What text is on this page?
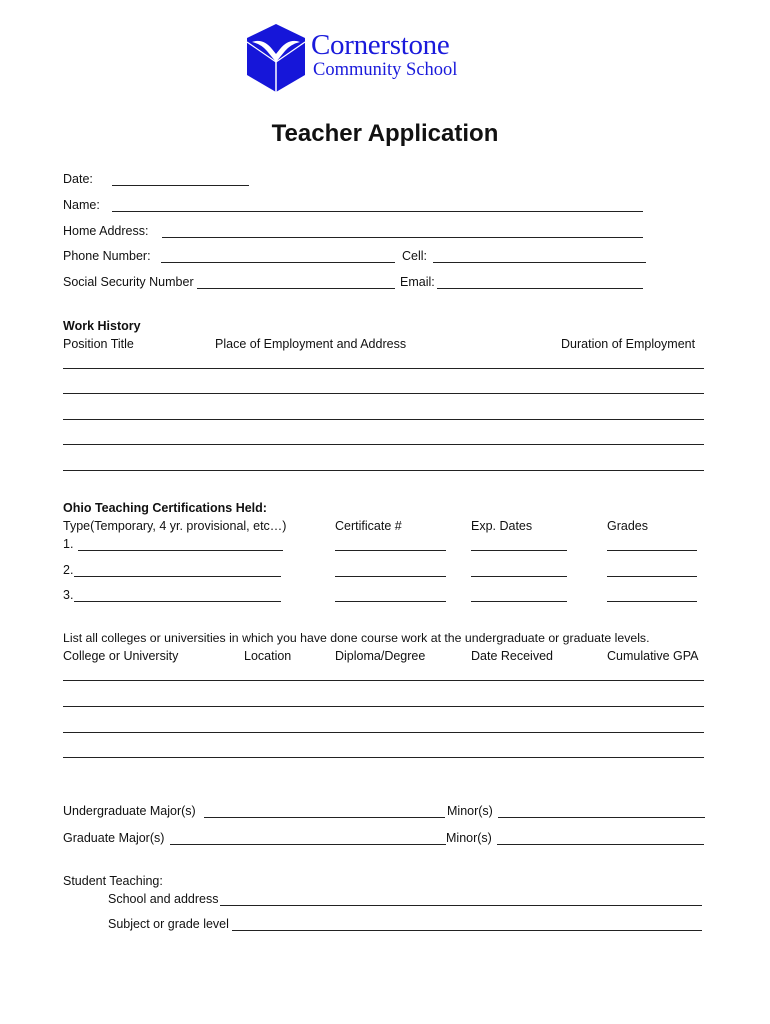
Cornerstone
Community School
Teacher Application
Date:
Name:
Home Address:
Phone Number:	Cell:
Social Security Number	Email:
Work History
Position Title	Place of Employment and Address	Duration of Employment
Ohio Teaching Certifications Held:
Type(Temporary, 4 yr. provisional, etc…)	Certificate #	Exp. Dates	Grades
1.
2.
3.
List all colleges or universities in which you have done course work at the undergraduate or graduate levels.
College or University	Location	Diploma/Degree	Date Received	Cumulative GPA
Undergraduate Major(s)	Minor(s)
Graduate Major(s)	Minor(s)
Student Teaching:
School and address
Subject or grade level
